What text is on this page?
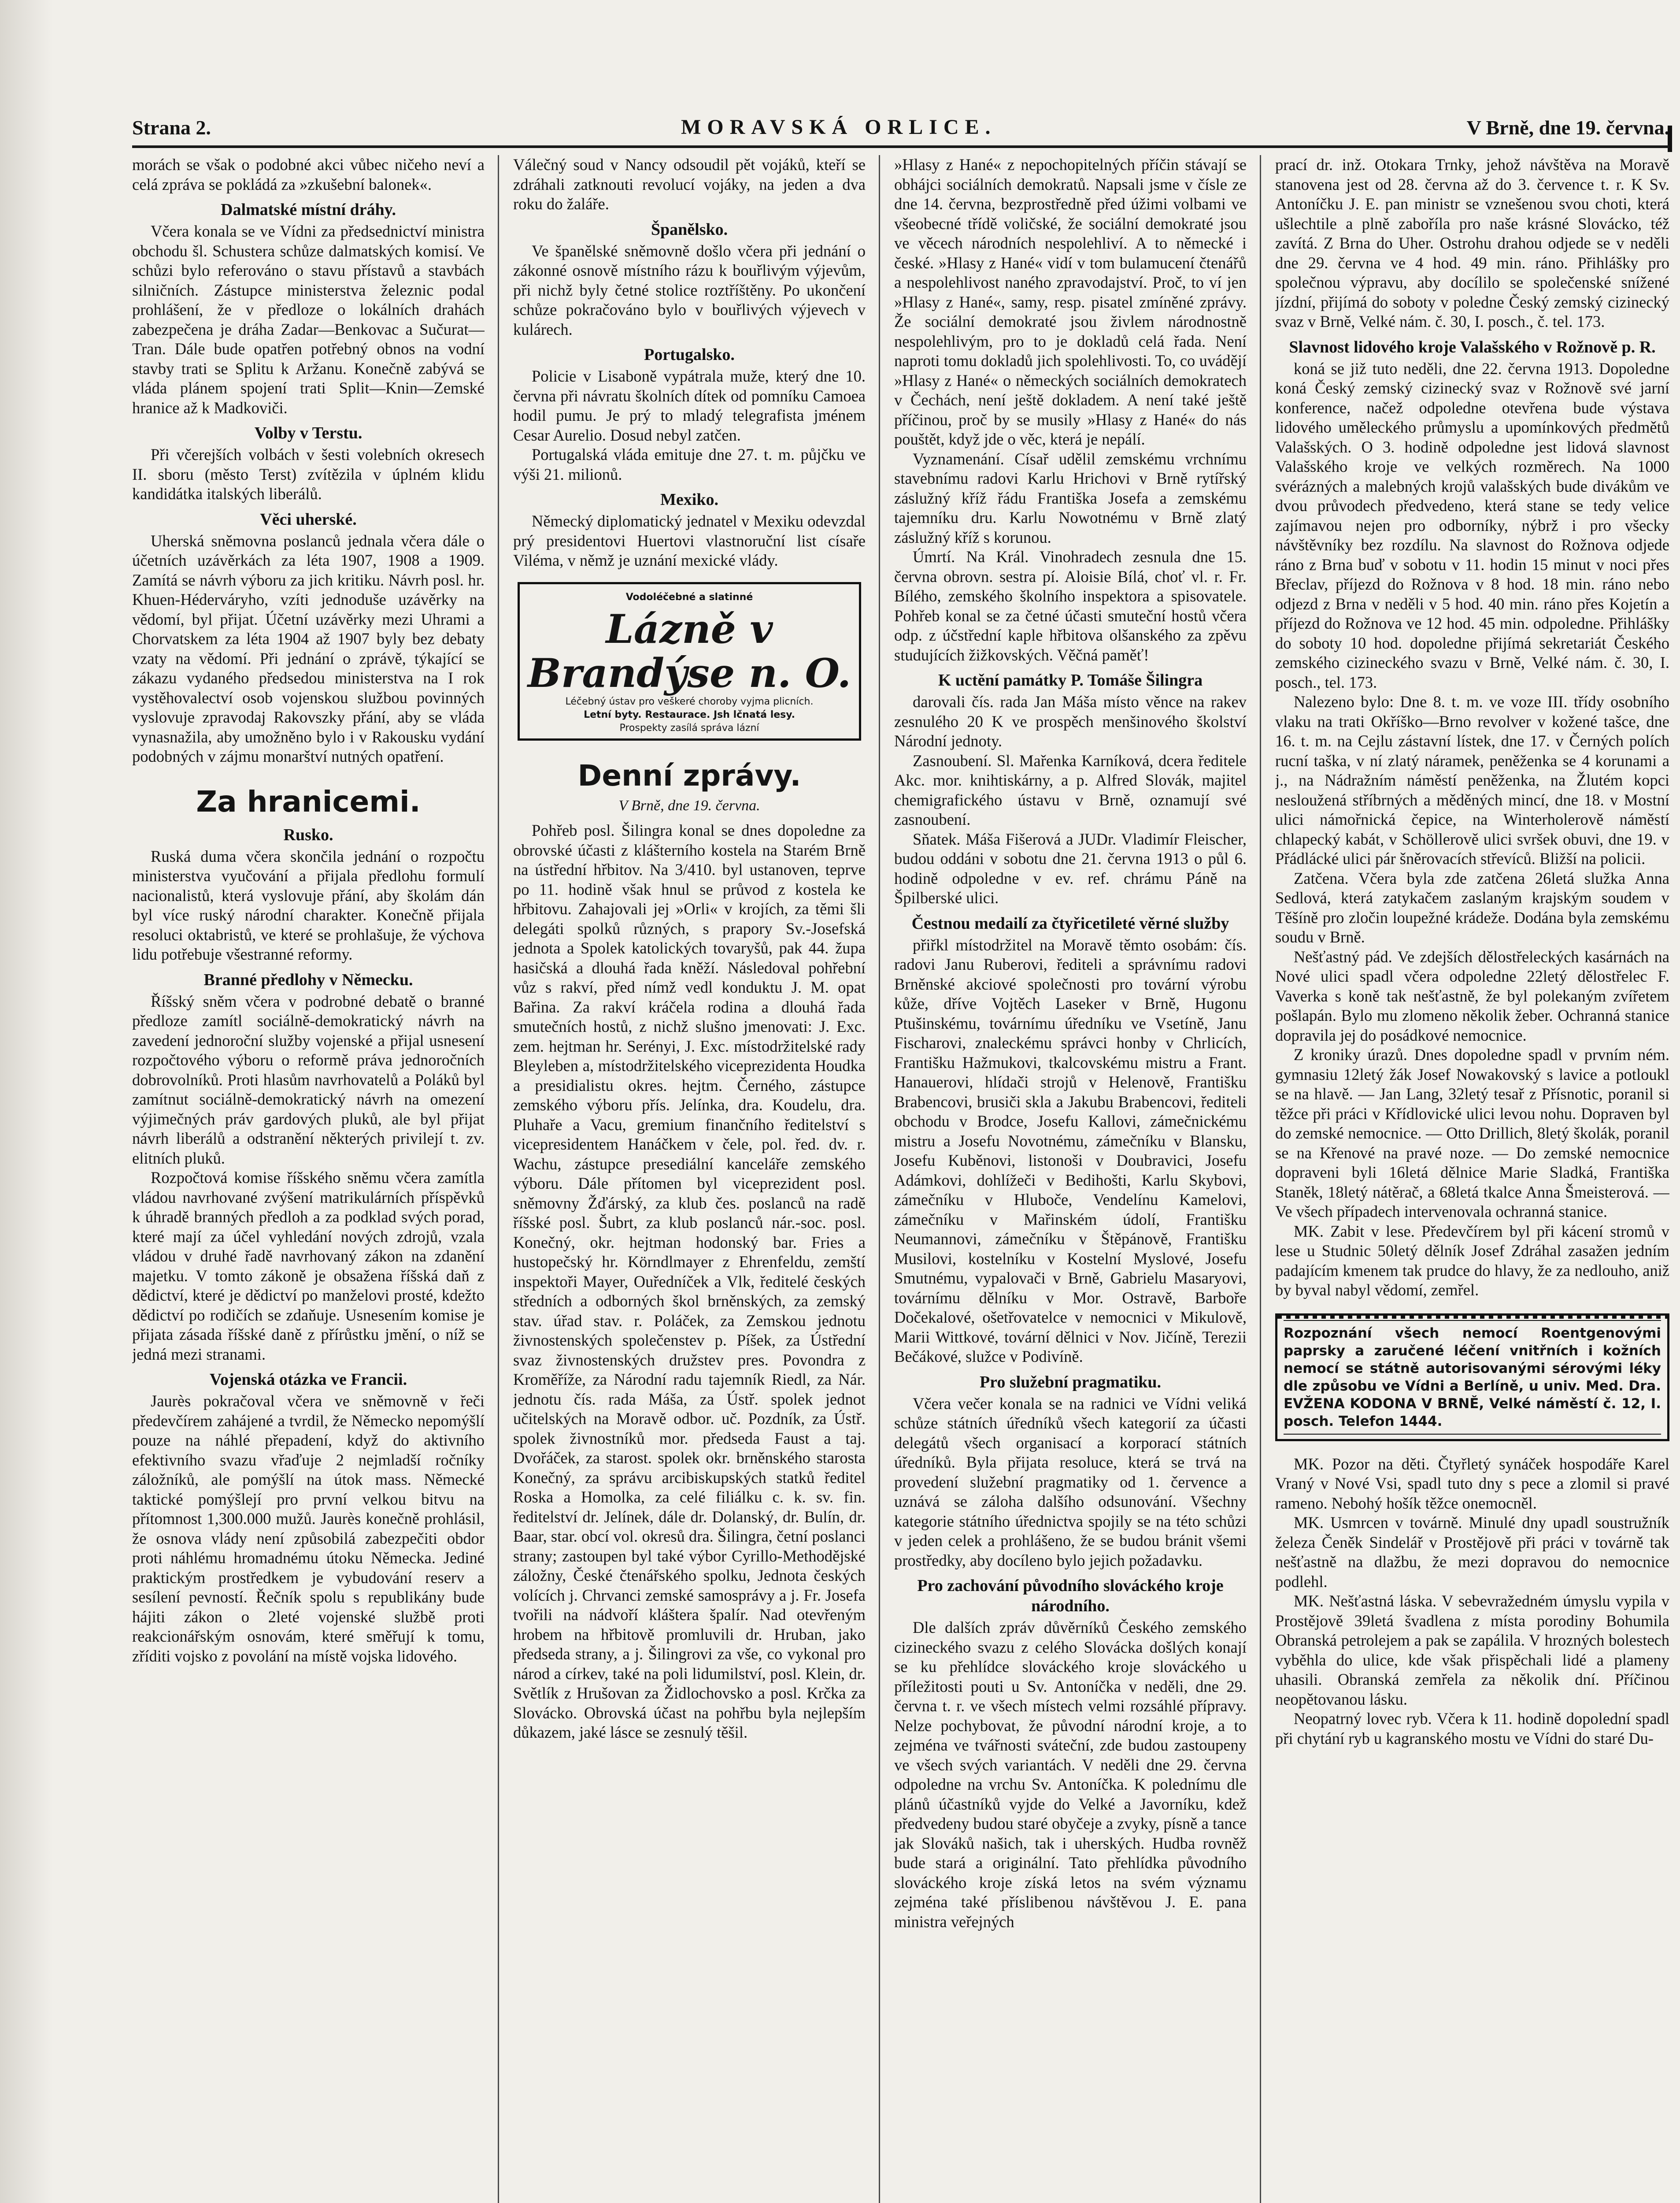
Strana 2.	MORAVSKÁ ORLICE.	V Brně, dne 19. června.

morách se však o podobné akci vůbec ničeho neví a celá zpráva se pokládá za »zkušební balonek«.

Dalmatské místní dráhy.

Včera konala se ve Vídni za předsednictví ministra obchodu šl. Schustera schůze dalmatských komisí. Ve schůzi bylo referováno o stavu přístavů a stavbách silničních. Zástupce ministerstva železnic podal prohlášení, že v předloze o lokálních drahách zabezpečena je dráha Zadar—Benkovac a Sučurat—Tran. Dále bude opatřen potřebný obnos na vodní stavby trati se Splitu k Aržanu. Konečně zabývá se vláda plánem spojení trati Split—Knin—Zemské hranice až k Madkoviči.

Volby v Terstu.

Při včerejších volbách v šesti volebních okresech II. sboru (město Terst) zvítězila v úplném klidu kandidátka italských liberálů.

Věci uherské.

Uherská sněmovna poslanců jednala včera dále o účetních uzávěrkách za léta 1907, 1908 a 1909. Zamítá se návrh výboru za jich kritiku. Návrh posl. hr. Khuen-Héderváryho, vzíti jednoduše uzávěrky na vědomí, byl přijat. Účetní uzávěrky mezi Uhrami a Chorvatskem za léta 1904 až 1907 byly bez debaty vzaty na vědomí. Při jednání o zprávě, týkající se zákazu vydaného předsedou ministerstva na I rok vystěhovalectví osob vojenskou službou povinných vyslovuje zpravodaj Rakovszky přání, aby se vláda vynasnažila, aby umožněno bylo i v Rakousku vydání podobných v zájmu monarštví nutných opatření.

Za hranicemi.
Rusko.

Ruská duma včera skončila jednání o rozpočtu ministerstva vyučování a přijala předlohu formulí nacionalistů, která vyslovuje přání, aby školám dán byl více ruský národní charakter. Konečně přijala resoluci oktabristů, ve které se prohlašuje, že výchova lidu potřebuje všestranné reformy.

Branné předlohy v Německu.

Říšský sněm včera v podrobné debatě o branné předloze zamítl sociálně-demokratický návrh na zavedení jednoroční služby vojenské a přijal usnesení rozpočtového výboru o reformě práva jednoročních dobrovolníků. Proti hlasům navrhovatelů a Poláků byl zamítnut sociálně-demokratický návrh na omezení výjimečných práv gardových pluků, ale byl přijat návrh liberálů a odstranění některých privilejí t. zv. elitních pluků.

Rozpočtová komise říšského sněmu včera zamítla vládou navrhované zvýšení matrikulárních příspěvků k úhradě branných předloh a za podklad svých porad, které mají za účel vyhledání nových zdrojů, vzala vládou v druhé řadě navrhovaný zákon na zdanění majetku. V tomto zákoně je obsažena říšská daň z dědictví, které je dědictví po manželovi prosté, kdežto dědictví po rodičích se zdaňuje. Usnesením komise je přijata zásada říšské daně z přírůstku jmění, o níž se jedná mezi stranami.

Vojenská otázka ve Francii.

Jaurès pokračoval včera ve sněmovně v řeči předevčírem zahájené a tvrdil, že Německo nepomýšlí pouze na náhlé přepadení, když do aktivního efektivního svazu vřaďuje 2 nejmladší ročníky záložníků, ale pomýšlí na útok mass. Německé taktické pomýšlejí pro první velkou bitvu na přítomnost 1,300.000 mužů. Jaurès konečně prohlásil, že osnova vlády není způsobilá zabezpečiti obdor proti náhlému hromadnému útoku Německa. Jediné praktickým prostředkem je vybudování reserv a sesílení pevností. Řečník spolu s republikány bude hájiti zákon o 2leté vojenské službě proti reakcionářským osnovám, které směřují k tomu, zříditi vojsko z povolání na místě vojska lidového.

Válečný soud v Nancy odsoudil pět vojáků, kteří se zdráhali zatknouti revolucí vojáky, na jeden a dva roku do žaláře.

Španělsko.

Ve španělské sněmovně došlo včera při jednání o zákonné osnově místního rázu k bouřlivým výjevům, při nichž byly četné stolice roztříštěny. Po ukončení schůze pokračováno bylo v bouřlivých výjevech v kulárech.

Portugalsko.

Policie v Lisaboně vypátrala muže, který dne 10. června při návratu školních dítek od pomníku Camoea hodil pumu. Je prý to mladý telegrafista jménem Cesar Aurelio. Dosud nebyl zatčen.

Portugalská vláda emituje dne 27. t. m. půjčku ve výši 21. milionů.

Mexiko.

Německý diplomatický jednatel v Mexiku odevzdal prý presidentovi Huertovi vlastnoruční list císaře Viléma, v němž je uznání mexické vlády.

Vodoléčebné a slatinné
Lázně v Brandýse n. O.
Léčebný ústav pro veškeré choroby vyjma plicních.
Letní byty. Restaurace. Jsh lčnatá lesy.
Prospekty zasílá správa lázní
Denní zprávy.
V Brně, dne 19. června.

Pohřeb posl. Šilingra konal se dnes dopoledne za obrovské účasti z klášterního kostela na Starém Brně na ústřední hřbitov. Na 3/410. byl ustanoven, teprve po 11. hodině však hnul se průvod z kostela ke hřbitovu. Zahajovali jej »Orli« v krojích, za těmi šli delegáti spolků různých, s prapory Sv.-Josefská jednota a Spolek katolických tovaryšů, pak 44. župa hasičská a dlouhá řada kněží. Následoval pohřební vůz s rakví, před nímž vedl konduktu J. M. opat Bařina. Za rakví kráčela rodina a dlouhá řada smutečních hostů, z nichž slušno jmenovati: J. Exc. zem. hejtman hr. Serényi, J. Exc. místodržitelské rady Bleyleben a, místodržitelského viceprezidenta Houdka a presidialistu okres. hejtm. Černého, zástupce zemského výboru přís. Jelínka, dra. Koudelu, dra. Pluhaře a Vacu, gremium finančního ředitelství s vicepresidentem Hanáčkem v čele, pol. řed. dv. r. Wachu, zástupce presediální kanceláře zemského výboru. Dále přítomen byl viceprezident posl. sněmovny Žďárský, za klub čes. poslanců na radě říšské posl. Šubrt, za klub poslanců nár.-soc. posl. Konečný, okr. hejtman hodonský bar. Fries a hustopečský hr. Körndlmayer z Ehrenfeldu, zemští inspektoři Mayer, Ouředníček a Vlk, ředitelé českých středních a odborných škol brněnských, za zemský stav. úřad stav. r. Poláček, za Zemskou jednotu živnostenských společenstev p. Píšek, za Ústřední svaz živnostenských družstev pres. Povondra z Kroměříže, za Národní radu tajemník Riedl, za Nár. jednotu čís. rada Máša, za Ústř. spolek jednot učitelských na Moravě odbor. uč. Pozdník, za Ústř. spolek živnostníků mor. předseda Faust a taj. Dvořáček, za starost. spolek okr. brněnského starosta Konečný, za správu arcibiskupských statků ředitel Roska a Homolka, za celé filiálku c. k. sv. fin. ředitelství dr. Jelínek, dále dr. Dolanský, dr. Bulín, dr. Baar, star. obcí vol. okresů dra. Šilingra, četní poslanci strany; zastoupen byl také výbor Cyrillo-Methodějské záložny, České čtenářského spolku, Jednota českých volících j. Chrvanci zemské samosprávy a j. Fr. Josefa tvořili na nádvoří kláštera špalír. Nad otevřeným hrobem na hřbitově promluvili dr. Hruban, jako předseda strany, a j. Šilingrovi za vše, co vykonal pro národ a církev, také na poli lidumilství, posl. Klein, dr. Světlík z Hrušovan za Židlochovsko a posl. Krčka za Slovácko. Obrovská účast na pohřbu byla nejlepším důkazem, jaké lásce se zesnulý těšil.

»Hlasy z Hané« z nepochopitelných příčin stávají se obhájci sociálních demokratů. Napsali jsme v čísle ze dne 14. června, bezprostředně před úžimi volbami ve všeobecné třídě voličské, že sociální demokraté jsou ve věcech národních nespolehliví. A to německé i české. »Hlasy z Hané« vidí v tom bulamucení čtenářů a nespolehlivost naného zpravodajství. Proč, to ví jen »Hlasy z Hané«, samy, resp. pisatel zmíněné zprávy. Že sociální demokraté jsou živlem národnostně nespolehlivým, pro to je dokladů celá řada. Není naproti tomu dokladů jich spolehlivosti. To, co uvádějí »Hlasy z Hané« o německých sociálních demokratech v Čechách, není ještě dokladem. A není také ještě příčinou, proč by se musily »Hlasy z Hané« do nás pouštět, když jde o věc, která je nepálí.

Vyznamenání. Císař udělil zemskému vrchnímu stavebnímu radovi Karlu Hrichovi v Brně rytířský záslužný kříž řádu Františka Josefa a zemskému tajemníku dru. Karlu Nowotnému v Brně zlatý záslužný kříž s korunou.

Úmrtí. Na Král. Vinohradech zesnula dne 15. června obrovn. sestra pí. Aloisie Bílá, choť vl. r. Fr. Bílého, zemského školního inspektora a spisovatele. Pohřeb konal se za četné účasti smuteční hostů včera odp. z účstřední kaple hřbitova olšanského za zpěvu studujících žižkovských. Věčná paměť!

K uctění památky P. Tomáše Šilingra

darovali čís. rada Jan Máša místo věnce na rakev zesnulého 20 K ve prospěch menšinového školství Národní jednoty.

Zasnoubení. Sl. Mařenka Karníková, dcera ředitele Akc. mor. knihtiskárny, a p. Alfred Slovák, majitel chemigrafického ústavu v Brně, oznamují své zasnoubení.

Sňatek. Máša Fišerová a JUDr. Vladimír Fleischer, budou oddáni v sobotu dne 21. června 1913 o půl 6. hodině odpoledne v ev. ref. chrámu Páně na Špilberské ulici.

Čestnou medailí za čtyřicetileté věrné služby

přiřkl místodržitel na Moravě těmto osobám: čís. radovi Janu Ruberovi, řediteli a správnímu radovi Brněnské akciové společnosti pro tovární výrobu kůže, dříve Vojtěch Laseker v Brně, Hugonu Ptušinskému, továrnímu úředníku ve Vsetíně, Janu Fischarovi, znaleckému správci honby v Chrlicích, Františku Hažmukovi, tkalcovskému mistru a Frant. Hanauerovi, hlídači strojů v Helenově, Františku Brabencovi, brusiči skla a Jakubu Brabencovi, řediteli obchodu v Brodce, Josefu Kallovi, zámečnickému mistru a Josefu Novotnému, zámečníku v Blansku, Josefu Kuběnovi, listonoši v Doubravici, Josefu Adámkovi, dohlížeči v Bedihošti, Karlu Skybovi, zámečníku v Hluboče, Vendelínu Kamelovi, zámečníku v Mařinském údolí, Františku Neumannovi, zámečníku v Štěpánově, Františku Musilovi, kostelníku v Kostelní Myslové, Josefu Smutnému, vypalovači v Brně, Gabrielu Masaryovi, továrnímu dělníku v Mor. Ostravě, Barboře Dočekalové, ošetřovatelce v nemocnici v Mikulově, Marii Wittkové, tovární dělnici v Nov. Jičíně, Terezii Bečákové, služce v Podivíně.

Pro služební pragmatiku.

Včera večer konala se na radnici ve Vídni veliká schůze státních úředníků všech kategorií za účasti delegátů všech organisací a korporací státních úředníků. Byla přijata resoluce, která se trvá na provedení služební pragmatiky od 1. července a uznává se záloha dalšího odsunování. Všechny kategorie státního úřednictva spojily se na této schůzi v jeden celek a prohlášeno, že se budou bránit všemi prostředky, aby docíleno bylo jejich požadavku.

Pro zachování původního slováckého kroje národního.

Dle dalších zpráv důvěrníků Českého zemského cizineckého svazu z celého Slovácka došlých konají se ku přehlídce slováckého kroje slováckého u příležitosti pouti u Sv. Antoníčka v neděli, dne 29. června t. r. ve všech místech velmi rozsáhlé přípravy. Nelze pochybovat, že původní národní kroje, a to zejména ve tvářnosti sváteční, zde budou zastoupeny ve všech svých variantách. V neděli dne 29. června odpoledne na vrchu Sv. Antoníčka. K polednímu dle plánů účastníků vyjde do Velké a Javorníku, kdež předvedeny budou staré obyčeje a zvyky, písně a tance jak Slováků našich, tak i uherských. Hudba rovněž bude stará a originální. Tato přehlídka původního slováckého kroje získá letos na svém významu zejména také příslibenou návštěvou J. E. pana ministra veřejných

prací dr. inž. Otokara Trnky, jehož návštěva na Moravě stanovena jest od 28. června až do 3. července t. r. K Sv. Antoníčku J. E. pan ministr se vznešenou svou choti, která ušlechtile a plně zaboříla pro naše krásné Slovácko, též zavítá. Z Brna do Uher. Ostrohu drahou odjede se v neděli dne 29. června ve 4 hod. 49 min. ráno. Přihlášky pro společnou výpravu, aby docílilo se společenské snížené jízdní, přijímá do soboty v poledne Český zemský cizinecký svaz v Brně, Velké nám. č. 30, I. posch., č. tel. 173.

Slavnost lidového kroje Valašského v Rožnově p. R.

koná se již tuto neděli, dne 22. června 1913. Dopoledne koná Český zemský cizinecký svaz v Rožnově své jarní konference, načež odpoledne otevřena bude výstava lidového uměleckého průmyslu a upomínkových předmětů Valašských. O 3. hodině odpoledne jest lidová slavnost Valašského kroje ve velkých rozměrech. Na 1000 svérázných a malebných krojů valašských bude divákům ve dvou průvodech předvedeno, která stane se tedy velice zajímavou nejen pro odborníky, nýbrž i pro všecky návštěvníky bez rozdílu. Na slavnost do Rožnova odjede ráno z Brna buď v sobotu v 11. hodin 15 minut v noci přes Břeclav, příjezd do Rožnova v 8 hod. 18 min. ráno nebo odjezd z Brna v neděli v 5 hod. 40 min. ráno přes Kojetín a příjezd do Rožnova ve 12 hod. 45 min. odpoledne. Přihlášky do soboty 10 hod. dopoledne přijímá sekretariát Českého zemského cizineckého svazu v Brně, Velké nám. č. 30, I. posch., tel. 173.

Nalezeno bylo: Dne 8. t. m. ve voze III. třídy osobního vlaku na trati Okříško—Brno revolver v kožené tašce, dne 16. t. m. na Cejlu zástavní lístek, dne 17. v Černých polích rucní taška, v ní zlatý náramek, peněženka se 4 korunami a j., na Nádražním náměstí peněženka, na Žlutém kopci nesloužená stříbrných a měděných mincí, dne 18. v Mostní ulici námořnická čepice, na Winterholerově náměstí chlapecký kabát, v Schöllerově ulici svršek obuvi, dne 19. v Přádlácké ulici pár šněrovacích střevíců. Bližší na policii.

Zatčena. Včera byla zde zatčena 26letá služka Anna Sedlová, která zatykačem zaslaným krajským soudem v Těšíně pro zločin loupežné krádeže. Dodána byla zemskému soudu v Brně.

Nešťastný pád. Ve zdejších dělostřeleckých kasárnách na Nové ulici spadl včera odpoledne 22letý dělostřelec F. Vaverka s koně tak nešťastně, že byl polekaným zvířetem pošlapán. Bylo mu zlomeno několik žeber. Ochranná stanice dopravila jej do posádkové nemocnice.

Z kroniky úrazů. Dnes dopoledne spadl v prvním ném. gymnasiu 12letý žák Josef Nowakovský s lavice a potloukl se na hlavě. — Jan Lang, 32letý tesař z Přísnotic, poranil si těžce při práci v Křídlovické ulici levou nohu. Dopraven byl do zemské nemocnice. — Otto Drillich, 8letý školák, poranil se na Křenové na pravé noze. — Do zemské nemocnice dopraveni byli 16letá dělnice Marie Sladká, Františka Staněk, 18letý nátěrač, a 68letá tkalce Anna Šmeisterová. — Ve všech případech intervenovala ochranná stanice.

MK. Zabit v lese. Předevčírem byl při kácení stromů v lese u Studnic 50letý dělník Josef Zdráhal zasažen jedním padajícím kmenem tak prudce do hlavy, že za nedlouho, aniž by byval nabyl vědomí, zemřel.

Rozpoznání všech nemocí Roentgenovými paprsky a zaručené léčení vnitřních i kožních nemocí se státně autorisovanými sérovými léky dle způsobu ve Vídni a Berlíně, u univ. Med. Dra. EVŽENA KODONA V BRNĚ, Velké náměstí č. 12, I. posch. Telefon 1444.

MK. Pozor na děti. Čtyřletý synáček hospodáře Karel Vraný v Nové Vsi, spadl tuto dny s pece a zlomil si pravé rameno. Nebohý hošík těžce onemocněl.

MK. Usmrcen v továrně. Minulé dny upadl soustružník železa Čeněk Sindelář v Prostějově při práci v továrně tak nešťastně na dlažbu, že mezi dopravou do nemocnice podlehl.

MK. Nešťastná láska. V sebevražedném úmyslu vypila v Prostějově 39letá švadlena z místa porodiny Bohumila Obranská petrolejem a pak se zapálila. V hrozných bolestech vyběhla do ulice, kde však přispěchali lidé a plameny uhasili. Obranská zemřela za několik dní. Příčinou neopětovanou lásku.

Neopatrný lovec ryb. Včera k 11. hodině dopolední spadl při chytání ryb u kagranského mostu ve Vídni do staré Du-
